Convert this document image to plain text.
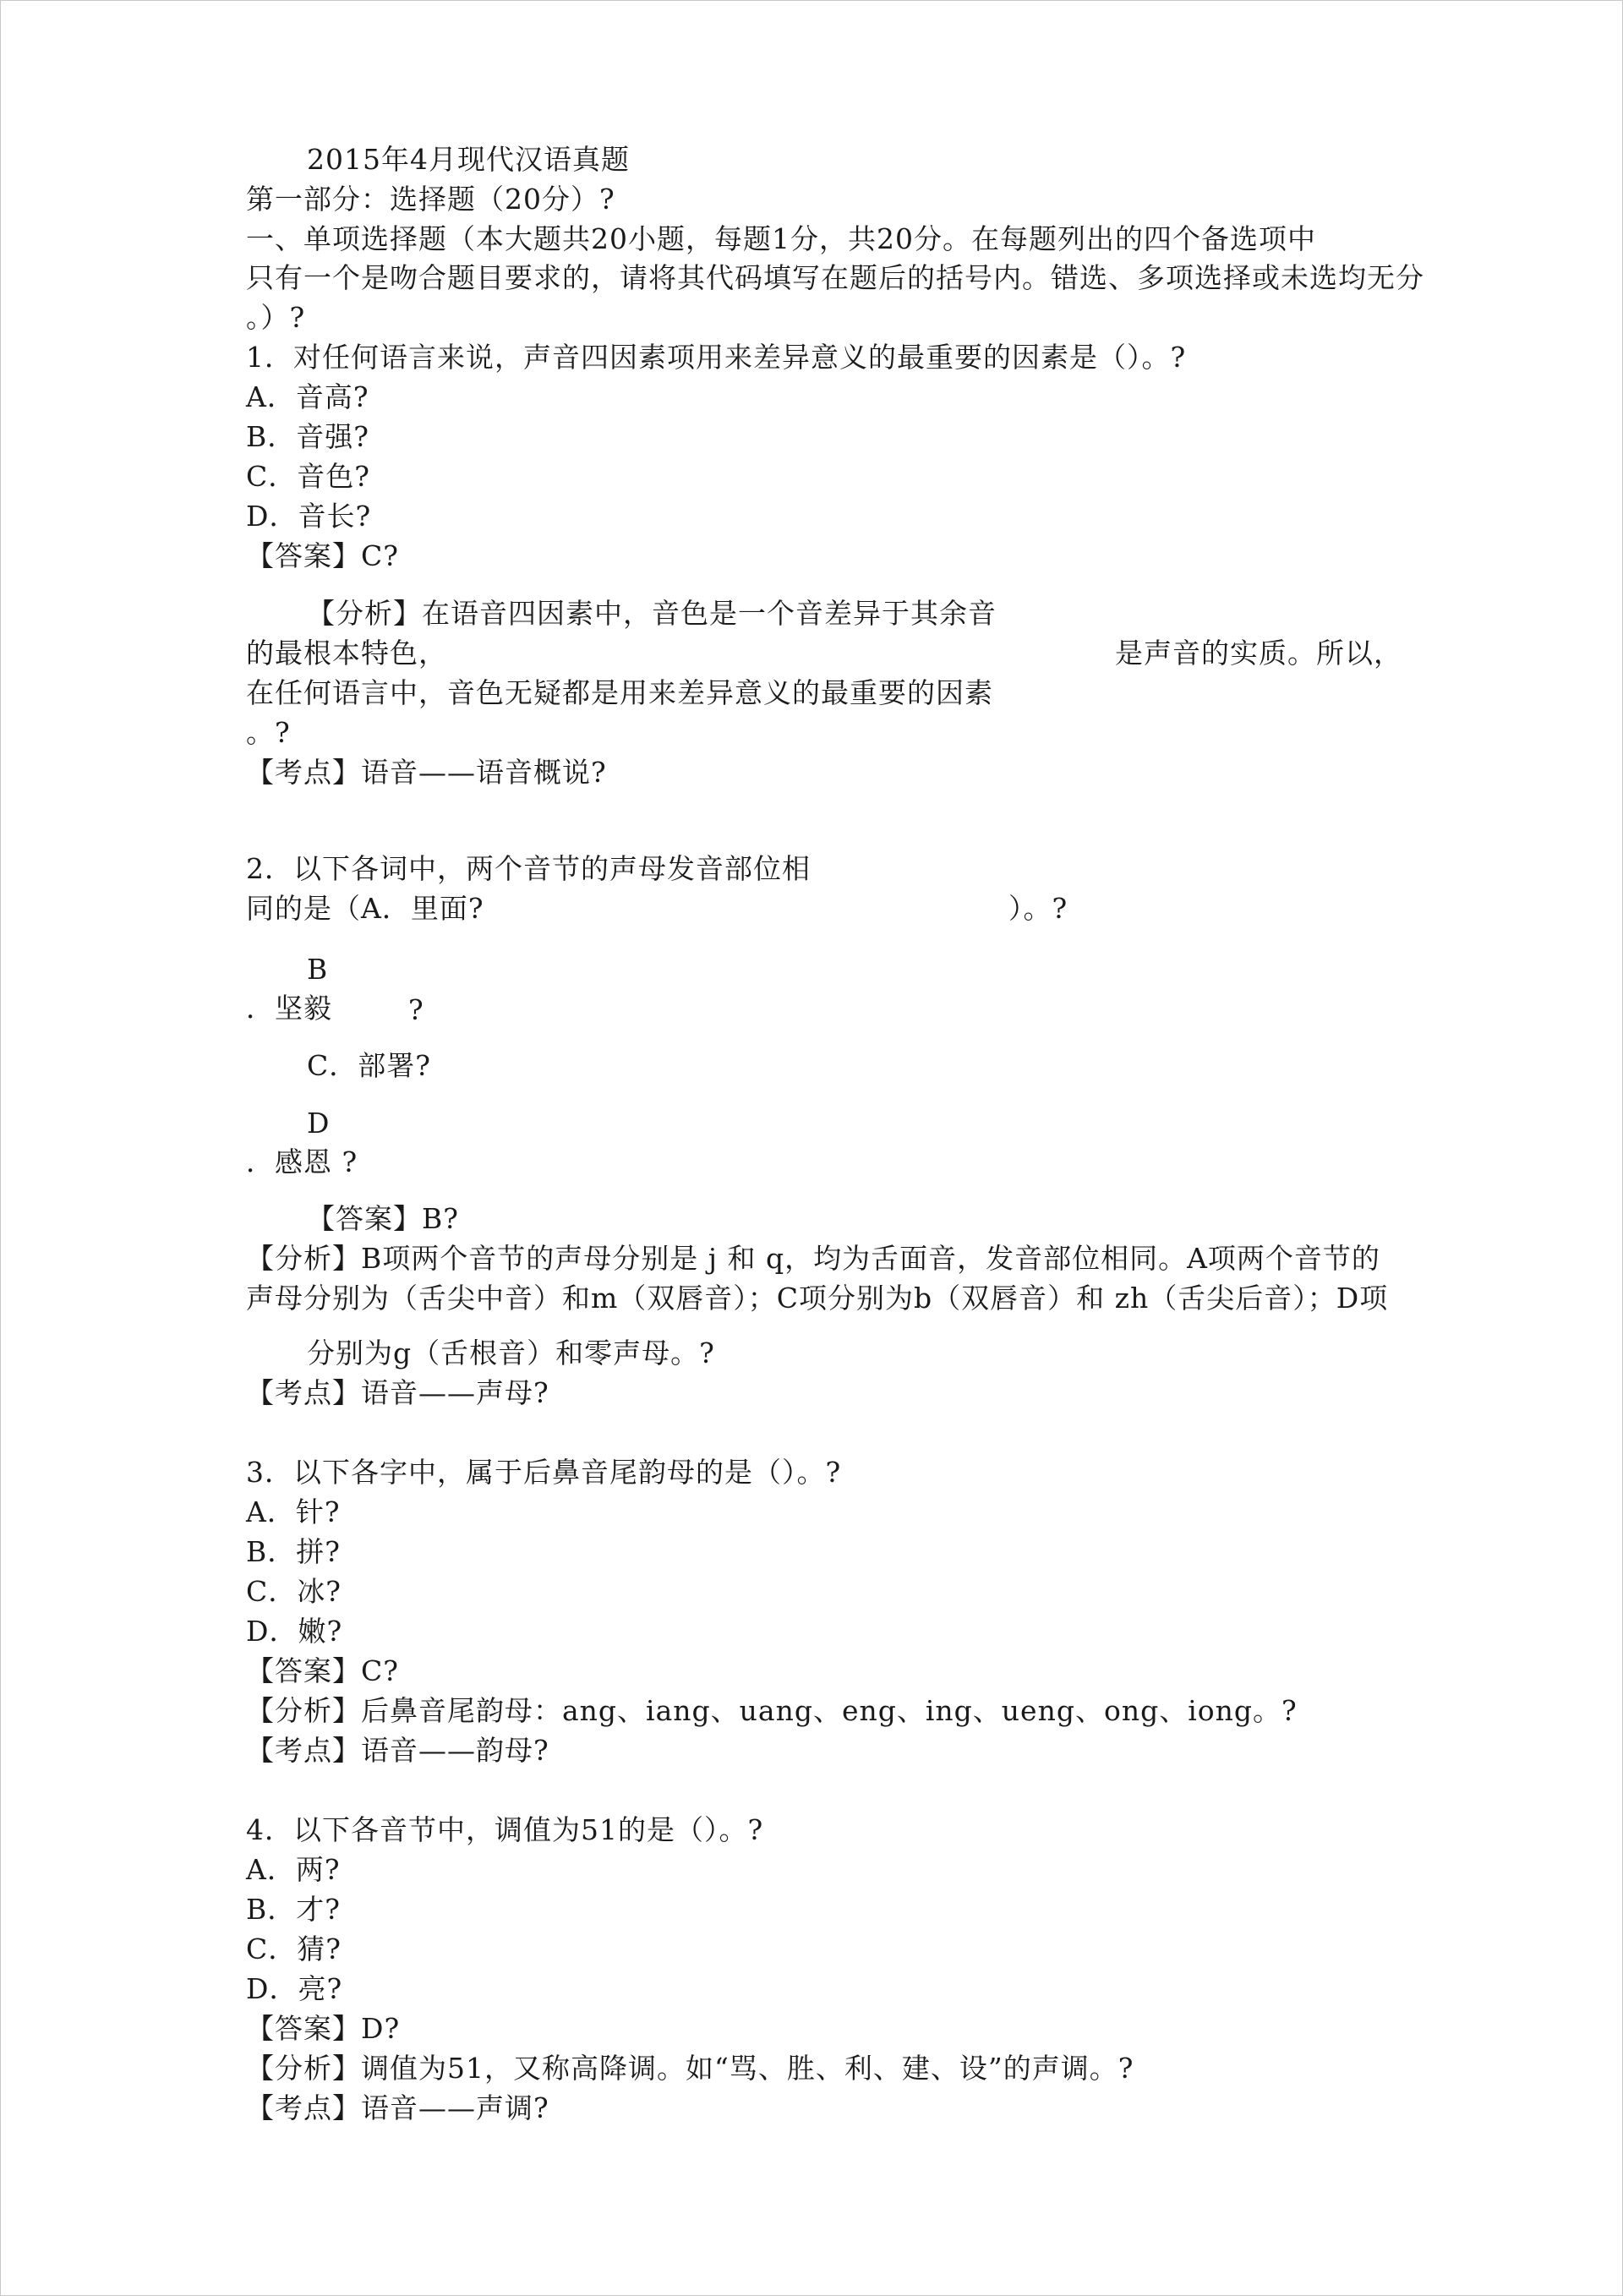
2015年4月现代汉语真题
第一部分：选择题（20分）?
一、单项选择题（本大题共20小题，每题1分，共20分。在每题列出的四个备选项中
只有一个是吻合题目要求的，请将其代码填写在题后的括号内。错选、多项选择或未选均无分
。）?
1．对任何语言来说，声音四因素项用来差异意义的最重要的因素是（）。?
A．音高?
B．音强?
C．音色?
D．音长?
【答案】C?
【分析】在语音四因素中，音色是一个音差异于其余音
的最根本特色，	是声音的实质。所以，
在任何语言中，音色无疑都是用来差异意义的最重要的因素
。?
【考点】语音——语音概说?
2．以下各词中，两个音节的声母发音部位相
同的是（A．里面?	）。?
B
．坚毅	?
C．部署?
D
．感恩 ?
【答案】B?
【分析】B项两个音节的声母分别是 j 和 q，均为舌面音，发音部位相同。A项两个音节的
声母分别为（舌尖中音）和m（双唇音）；C项分别为b（双唇音）和 zh（舌尖后音）；D项
分别为g（舌根音）和零声母。?
【考点】语音——声母?
3．以下各字中，属于后鼻音尾韵母的是（）。?
A．针?
B．拼?
C．冰?
D．嫩?
【答案】C?
【分析】后鼻音尾韵母：ang、iang、uang、eng、ing、ueng、ong、iong。?
【考点】语音——韵母?
4．以下各音节中，调值为51的是（）。?
A．两?
B．才?
C．猜?
D．亮?
【答案】D?
【分析】调值为51，又称高降调。如“骂、胜、利、建、设”的声调。?
【考点】语音——声调?
